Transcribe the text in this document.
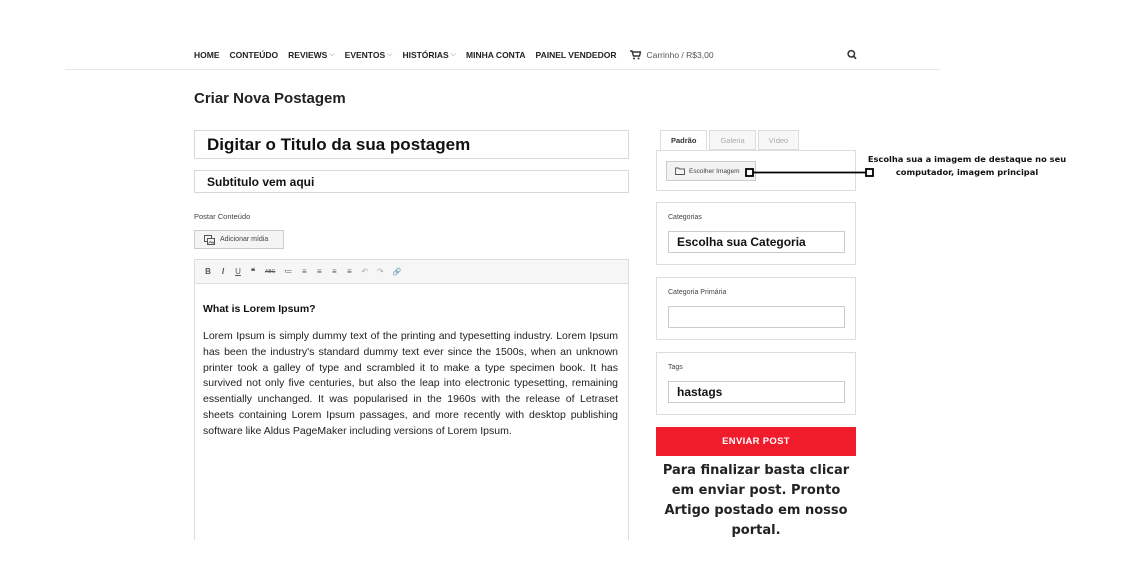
HOME CONTEÚDO REVIEWS ⌵ EVENTOS ⌵ HISTÓRIAS ⌵ MINHA CONTA PAINEL VENDEDOR	Carrinho / R$3,00
Criar Nova Postagem
Digitar o Titulo da sua postagem
Subtitulo vem aqui
Postar Conteúdo
Adicionar mídia
B I U ❝ ABC ≔ ≡ ≡ ≡ ≡ ↶ ↷ 🔗
What is Lorem Ipsum?

Lorem Ipsum is simply dummy text of the printing and typesetting industry. Lorem Ipsum has been the industry's standard dummy text ever since the 1500s, when an unknown printer took a galley of type and scrambled it to make a type specimen book. It has survived not only five centuries, but also the leap into electronic typesetting, remaining essentially unchanged. It was popularised in the 1960s with the release of Letraset sheets containing Lorem Ipsum passages, and more recently with desktop publishing software like Aldus PageMaker including versions of Lorem Ipsum.

Padrão	Galeria	Vídeo
Escolher Imagem
Categorias
Escolha sua Categoria
Categoria Primária
Tags
hastags
ENVIAR POST
Para finalizar basta clicar em enviar post. Pronto Artigo postado em nosso portal.
Escolha sua a imagem de destaque no seu computador, imagem principal
